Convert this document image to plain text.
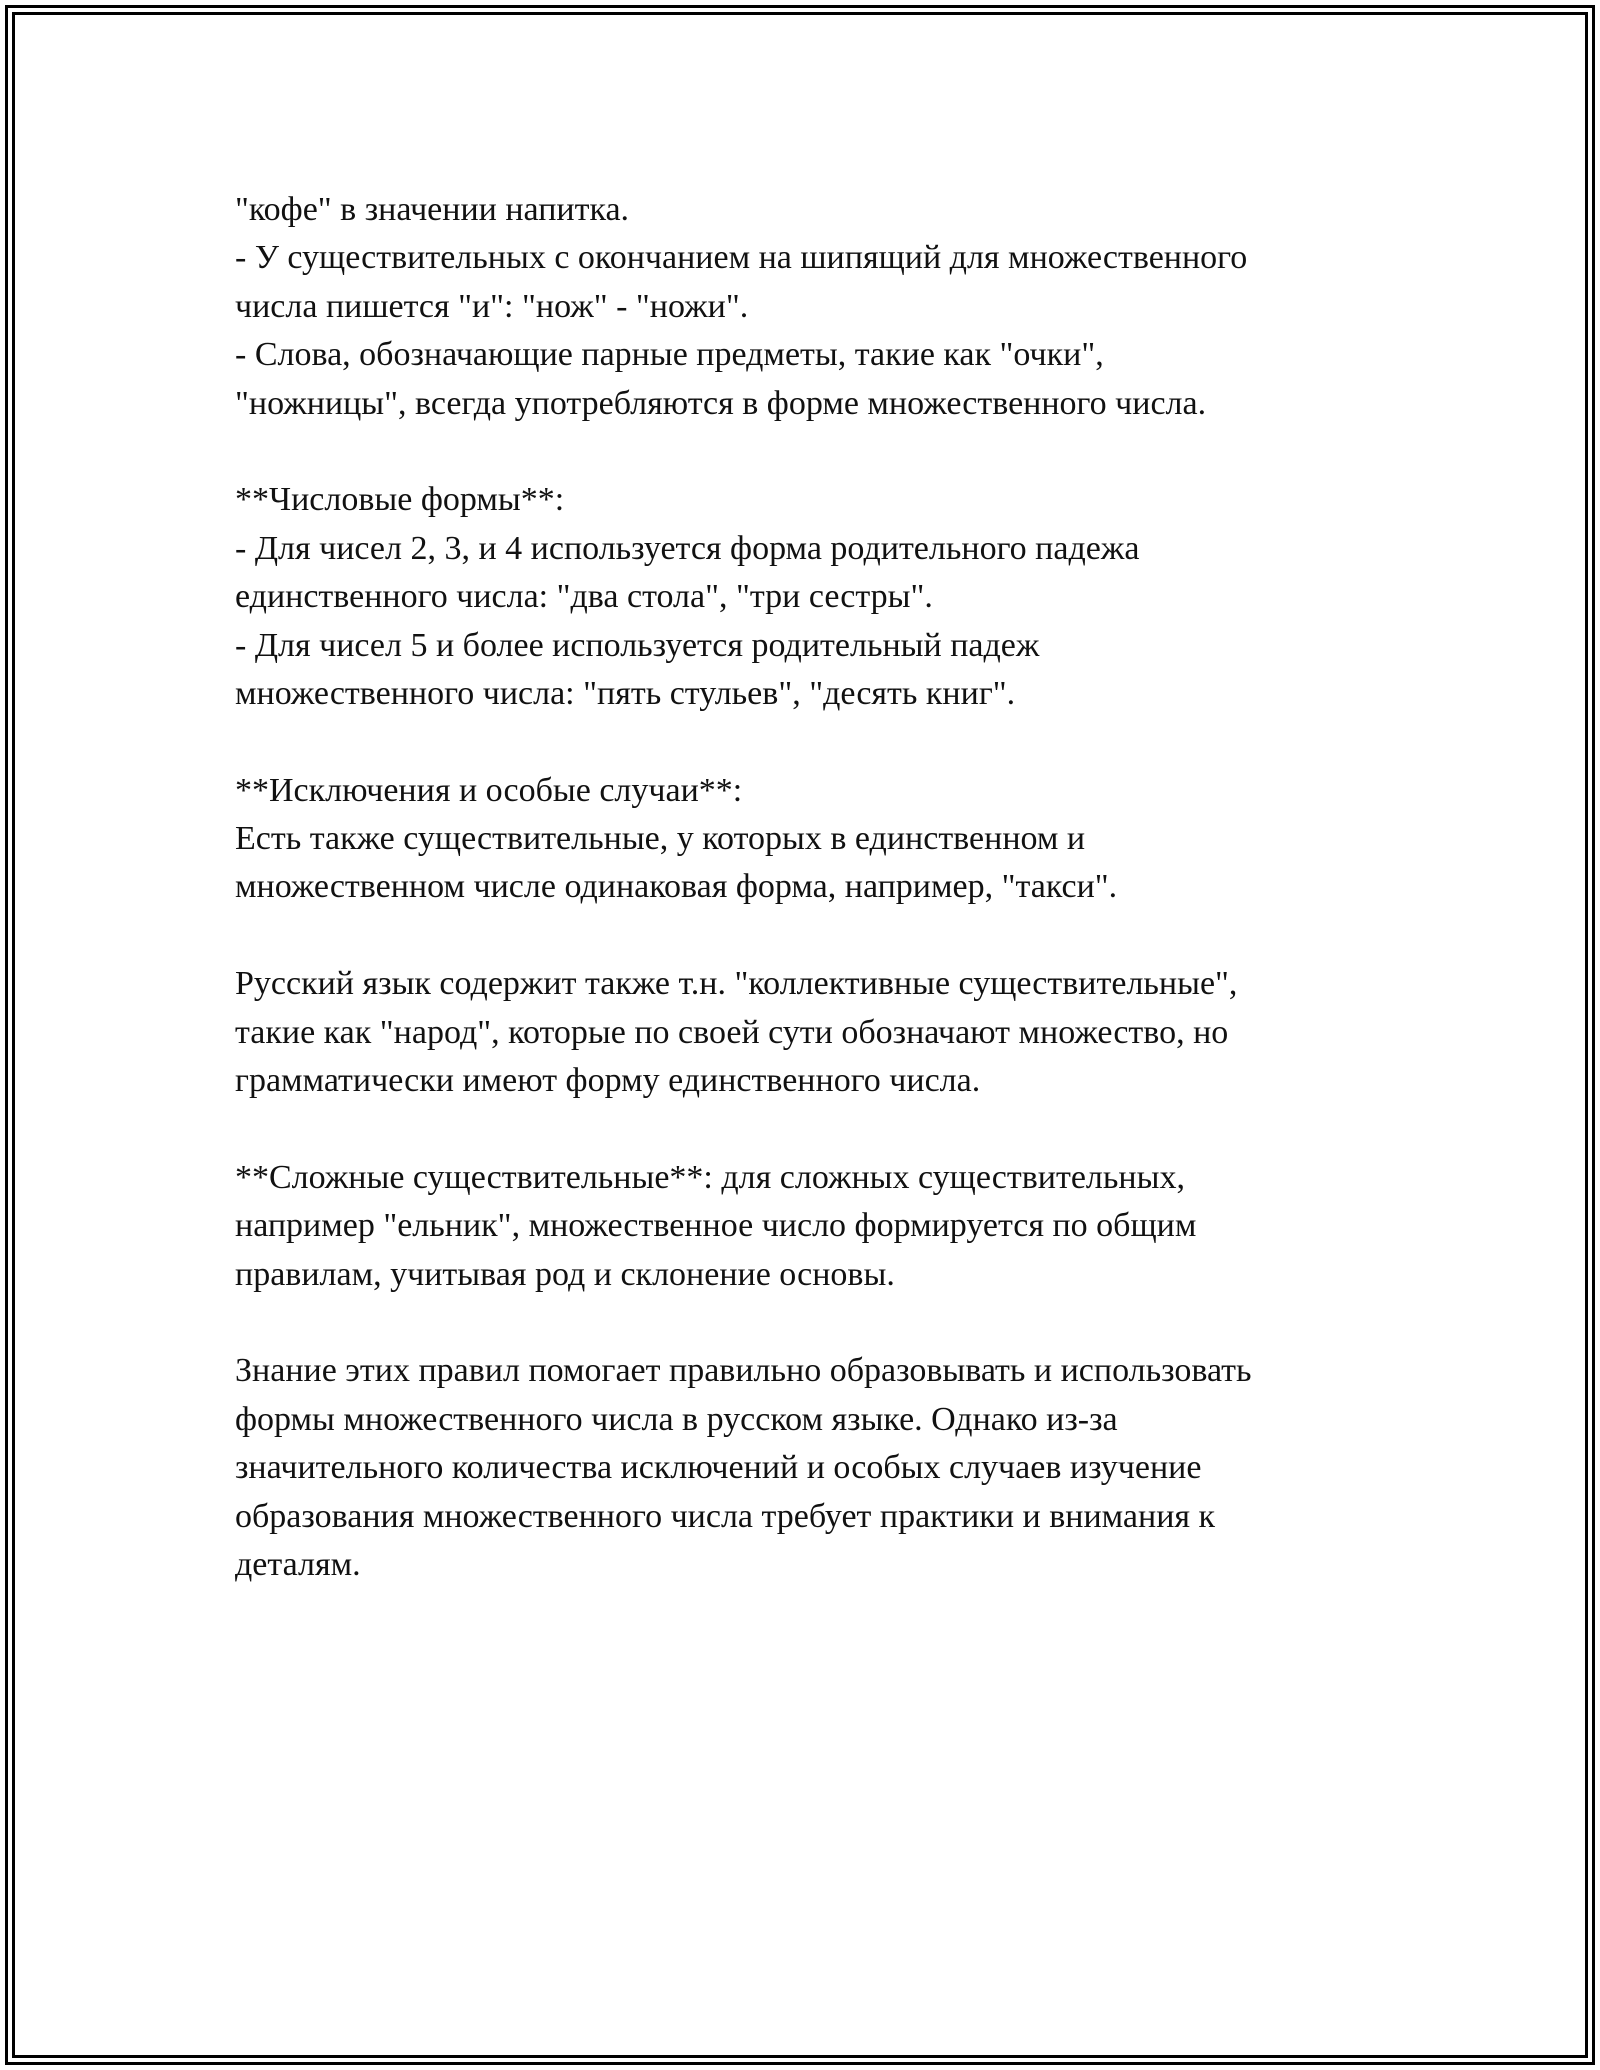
"кофе" в значении напитка.
- У существительных с окончанием на шипящий для множественного
числа пишется "и": "нож" - "ножи".
- Слова, обозначающие парные предметы, такие как "очки",
"ножницы", всегда употребляются в форме множественного числа.
**Числовые формы**:
- Для чисел 2, 3, и 4 используется форма родительного падежа
единственного числа: "два стола", "три сестры".
- Для чисел 5 и более используется родительный падеж
множественного числа: "пять стульев", "десять книг".
**Исключения и особые случаи**:
Есть также существительные, у которых в единственном и
множественном числе одинаковая форма, например, "такси".
Русский язык содержит также т.н. "коллективные существительные",
такие как "народ", которые по своей сути обозначают множество, но
грамматически имеют форму единственного числа.
**Сложные существительные**: для сложных существительных,
например "ельник", множественное число формируется по общим
правилам, учитывая род и склонение основы.
Знание этих правил помогает правильно образовывать и использовать
формы множественного числа в русском языке. Однако из-за
значительного количества исключений и особых случаев изучение
образования множественного числа требует практики и внимания к
деталям.
